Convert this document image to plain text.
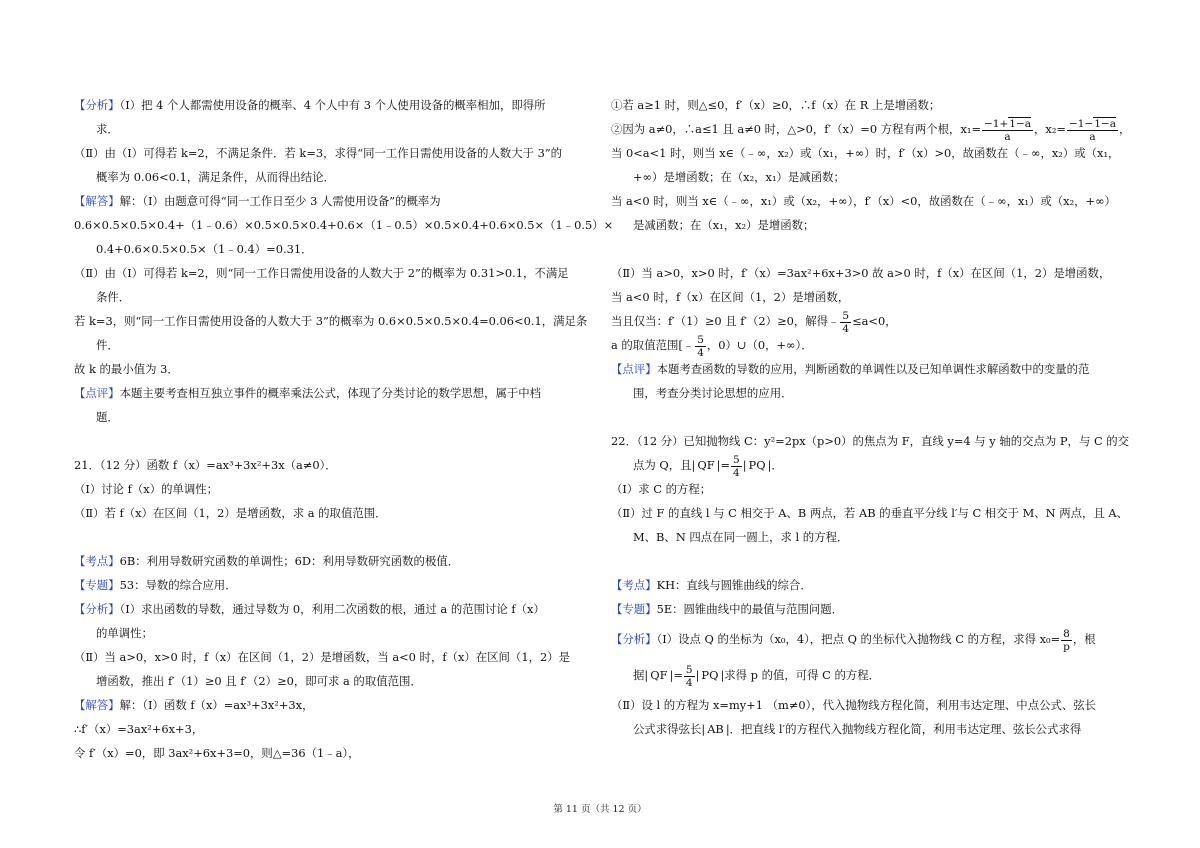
【分析】（Ⅰ）把 4 个人都需使用设备的概率、4 个人中有 3 个人使用设备的概率相加，即得所
求．
（Ⅱ）由（Ⅰ）可得若 k=2，不满足条件．若 k=3，求得“同一工作日需使用设备的人数大于 3”的
概率为 0.06<0.1，满足条件，从而得出结论．
【解答】解：（Ⅰ）由题意可得“同一工作日至少 3 人需使用设备”的概率为
0.6×0.5×0.5×0.4+（1﹣0.6）×0.5×0.5×0.4+0.6×（1﹣0.5）×0.5×0.4+0.6×0.5×（1﹣0.5）×
0.4+0.6×0.5×0.5×（1﹣0.4）=0.31．
（Ⅱ）由（Ⅰ）可得若 k=2，则“同一工作日需使用设备的人数大于 2”的概率为 0.31>0.1，不满足
条件．
若 k=3，则“同一工作日需使用设备的人数大于 3”的概率为 0.6×0.5×0.5×0.4=0.06<0.1，满足条
件．
故 k 的最小值为 3．
【点评】本题主要考查相互独立事件的概率乘法公式，体现了分类讨论的数学思想，属于中档
题．
21．（12 分）函数 f（x）=ax³+3x²+3x（a≠0）．
（Ⅰ）讨论 f（x）的单调性；
（Ⅱ）若 f（x）在区间（1，2）是增函数，求 a 的取值范围．
【考点】6B：利用导数研究函数的单调性；6D：利用导数研究函数的极值．
【专题】53：导数的综合应用．
【分析】（Ⅰ）求出函数的导数，通过导数为 0，利用二次函数的根，通过 a 的范围讨论 f（x）
的单调性；
（Ⅱ）当 a>0，x>0 时，f（x）在区间（1，2）是增函数，当 a<0 时，f（x）在区间（1，2）是
增函数，推出 f′（1）≥0 且 f′（2）≥0，即可求 a 的取值范围．
【解答】解：（Ⅰ）函数 f（x）=ax³+3x²+3x，
∴f′（x）=3ax²+6x+3，
令 f′（x）=0，即 3ax²+6x+3=0，则△=36（1﹣a），
①若 a≥1 时，则△≤0，f′（x）≥0，∴f（x）在 R 上是增函数；
②因为 a≠0，∴a≤1 且 a≠0 时，△>0，f′（x）=0 方程有两个根，$x_1= \frac{-1+1-a}{a}$ ，$x_2= \frac{-1-1-a}{a}$ ，
当 0<a<1 时，则当 x∈（﹣∞，x₂）或（x₁，+∞）时，f′（x）>0，故函数在（﹣∞，x₂）或（x₁，
+∞）是增函数；在（x₂，x₁）是减函数；
当 a<0 时，则当 x∈（﹣∞，x₁）或（x₂，+∞），f′（x）<0，故函数在（﹣∞，x₁）或（x₂，+∞）
是减函数；在（x₁，x₂）是增函数；
（Ⅱ）当 a>0，x>0 时，f′（x）=3ax²+6x+3>0 故 a>0 时，f（x）在区间（1，2）是增函数，
当 a<0 时，f（x）在区间（1，2）是增函数，
当且仅当：f′（1）≥0 且 f′（2）≥0，解得﹣ $\frac{5}{4} \le a<0$，
a 的取值范围[﹣ $\frac{5}{4}$ ，0）∪（0，+∞）．
【点评】本题考查函数的导数的应用，判断函数的单调性以及已知单调性求解函数中的变量的范
围，考查分类讨论思想的应用．
22．（12 分）已知抛物线 C：y²=2px（p>0）的焦点为 F，直线 y=4 与 y 轴的交点为 P，与 C 的交
点为 Q，且| QF |= $\frac{5}{4}$ | PQ |．
（Ⅰ）求 C 的方程；
（Ⅱ）过 F 的直线 l 与 C 相交于 A、B 两点，若 AB 的垂直平分线 l′与 C 相交于 M、N 两点，且 A、
M、B、N 四点在同一圆上，求 l 的方程．
【考点】KH：直线与圆锥曲线的综合．
【专题】5E：圆锥曲线中的最值与范围问题．
【分析】（Ⅰ）设点 Q 的坐标为（x₀，4），把点 Q 的坐标代入抛物线 C 的方程，求得 $x_0= \frac{8}{p}$ ，根
据| QF |= $\frac{5}{4}$ | PQ |求得 p 的值，可得 C 的方程．
（Ⅱ）设 l 的方程为 x=my+1 （m≠0），代入抛物线方程化简，利用韦达定理、中点公式、弦长
公式求得弦长| AB |．把直线 l′的方程代入抛物线方程化简，利用韦达定理、弦长公式求得
第 11 页（共 12 页）
